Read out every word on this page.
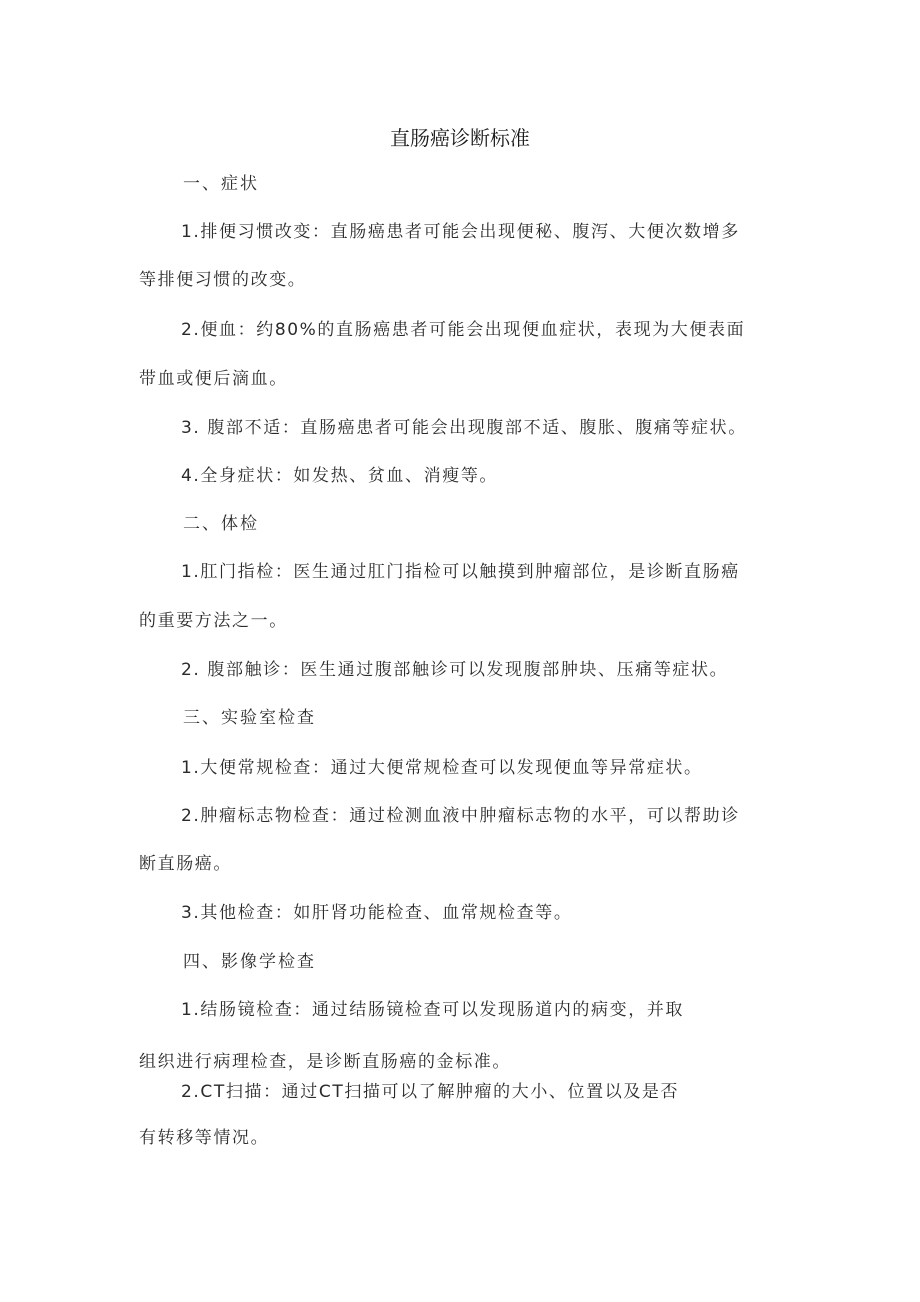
直肠癌诊断标准
一、症状
1.排便习惯改变：直肠癌患者可能会出现便秘、腹泻、大便次数增多
等排便习惯的改变。
2.便血：约80%的直肠癌患者可能会出现便血症状，表现为大便表面
带血或便后滴血。
3. 腹部不适：直肠癌患者可能会出现腹部不适、腹胀、腹痛等症状。
4.全身症状：如发热、贫血、消瘦等。
二、体检
1.肛门指检：医生通过肛门指检可以触摸到肿瘤部位，是诊断直肠癌
的重要方法之一。
2. 腹部触诊：医生通过腹部触诊可以发现腹部肿块、压痛等症状。
三、实验室检查
1.大便常规检查：通过大便常规检查可以发现便血等异常症状。
2.肿瘤标志物检查：通过检测血液中肿瘤标志物的水平，可以帮助诊
断直肠癌。
3.其他检查：如肝肾功能检查、血常规检查等。
四、影像学检查
1.结肠镜检查：通过结肠镜检查可以发现肠道内的病变，并取
组织进行病理检查，是诊断直肠癌的金标准。
2.CT扫描：通过CT扫描可以了解肿瘤的大小、位置以及是否
有转移等情况。
